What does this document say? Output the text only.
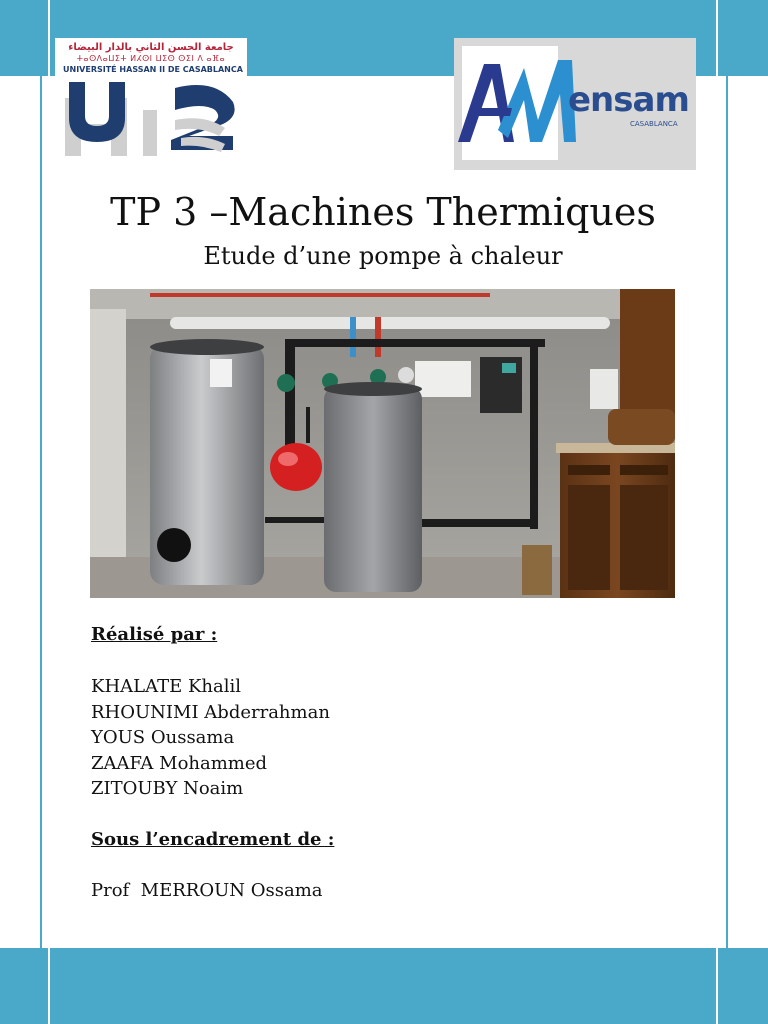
جامعة الحسن الثاني بالدار البيضاء
ⵜⴰⵙⴷⴰⵡⵉⵜ ⵍⵃⵙⵏ ⵡⵉⵙ ⵙⵉⵏ ⴷ ⴰⴼⴰ
UNIVERSITÉ HASSAN II DE CASABLANCA
ensam
CASABLANCA
TP 3 –Machines Thermiques
Etude d’une pompe à chaleur
Réalisé par :
KHALATE Khalil
RHOUNIMI Abderrahman
YOUS Oussama
ZAAFA Mohammed
ZITOUBY Noaim
Sous l’encadrement de :
Prof  MERROUN Ossama
